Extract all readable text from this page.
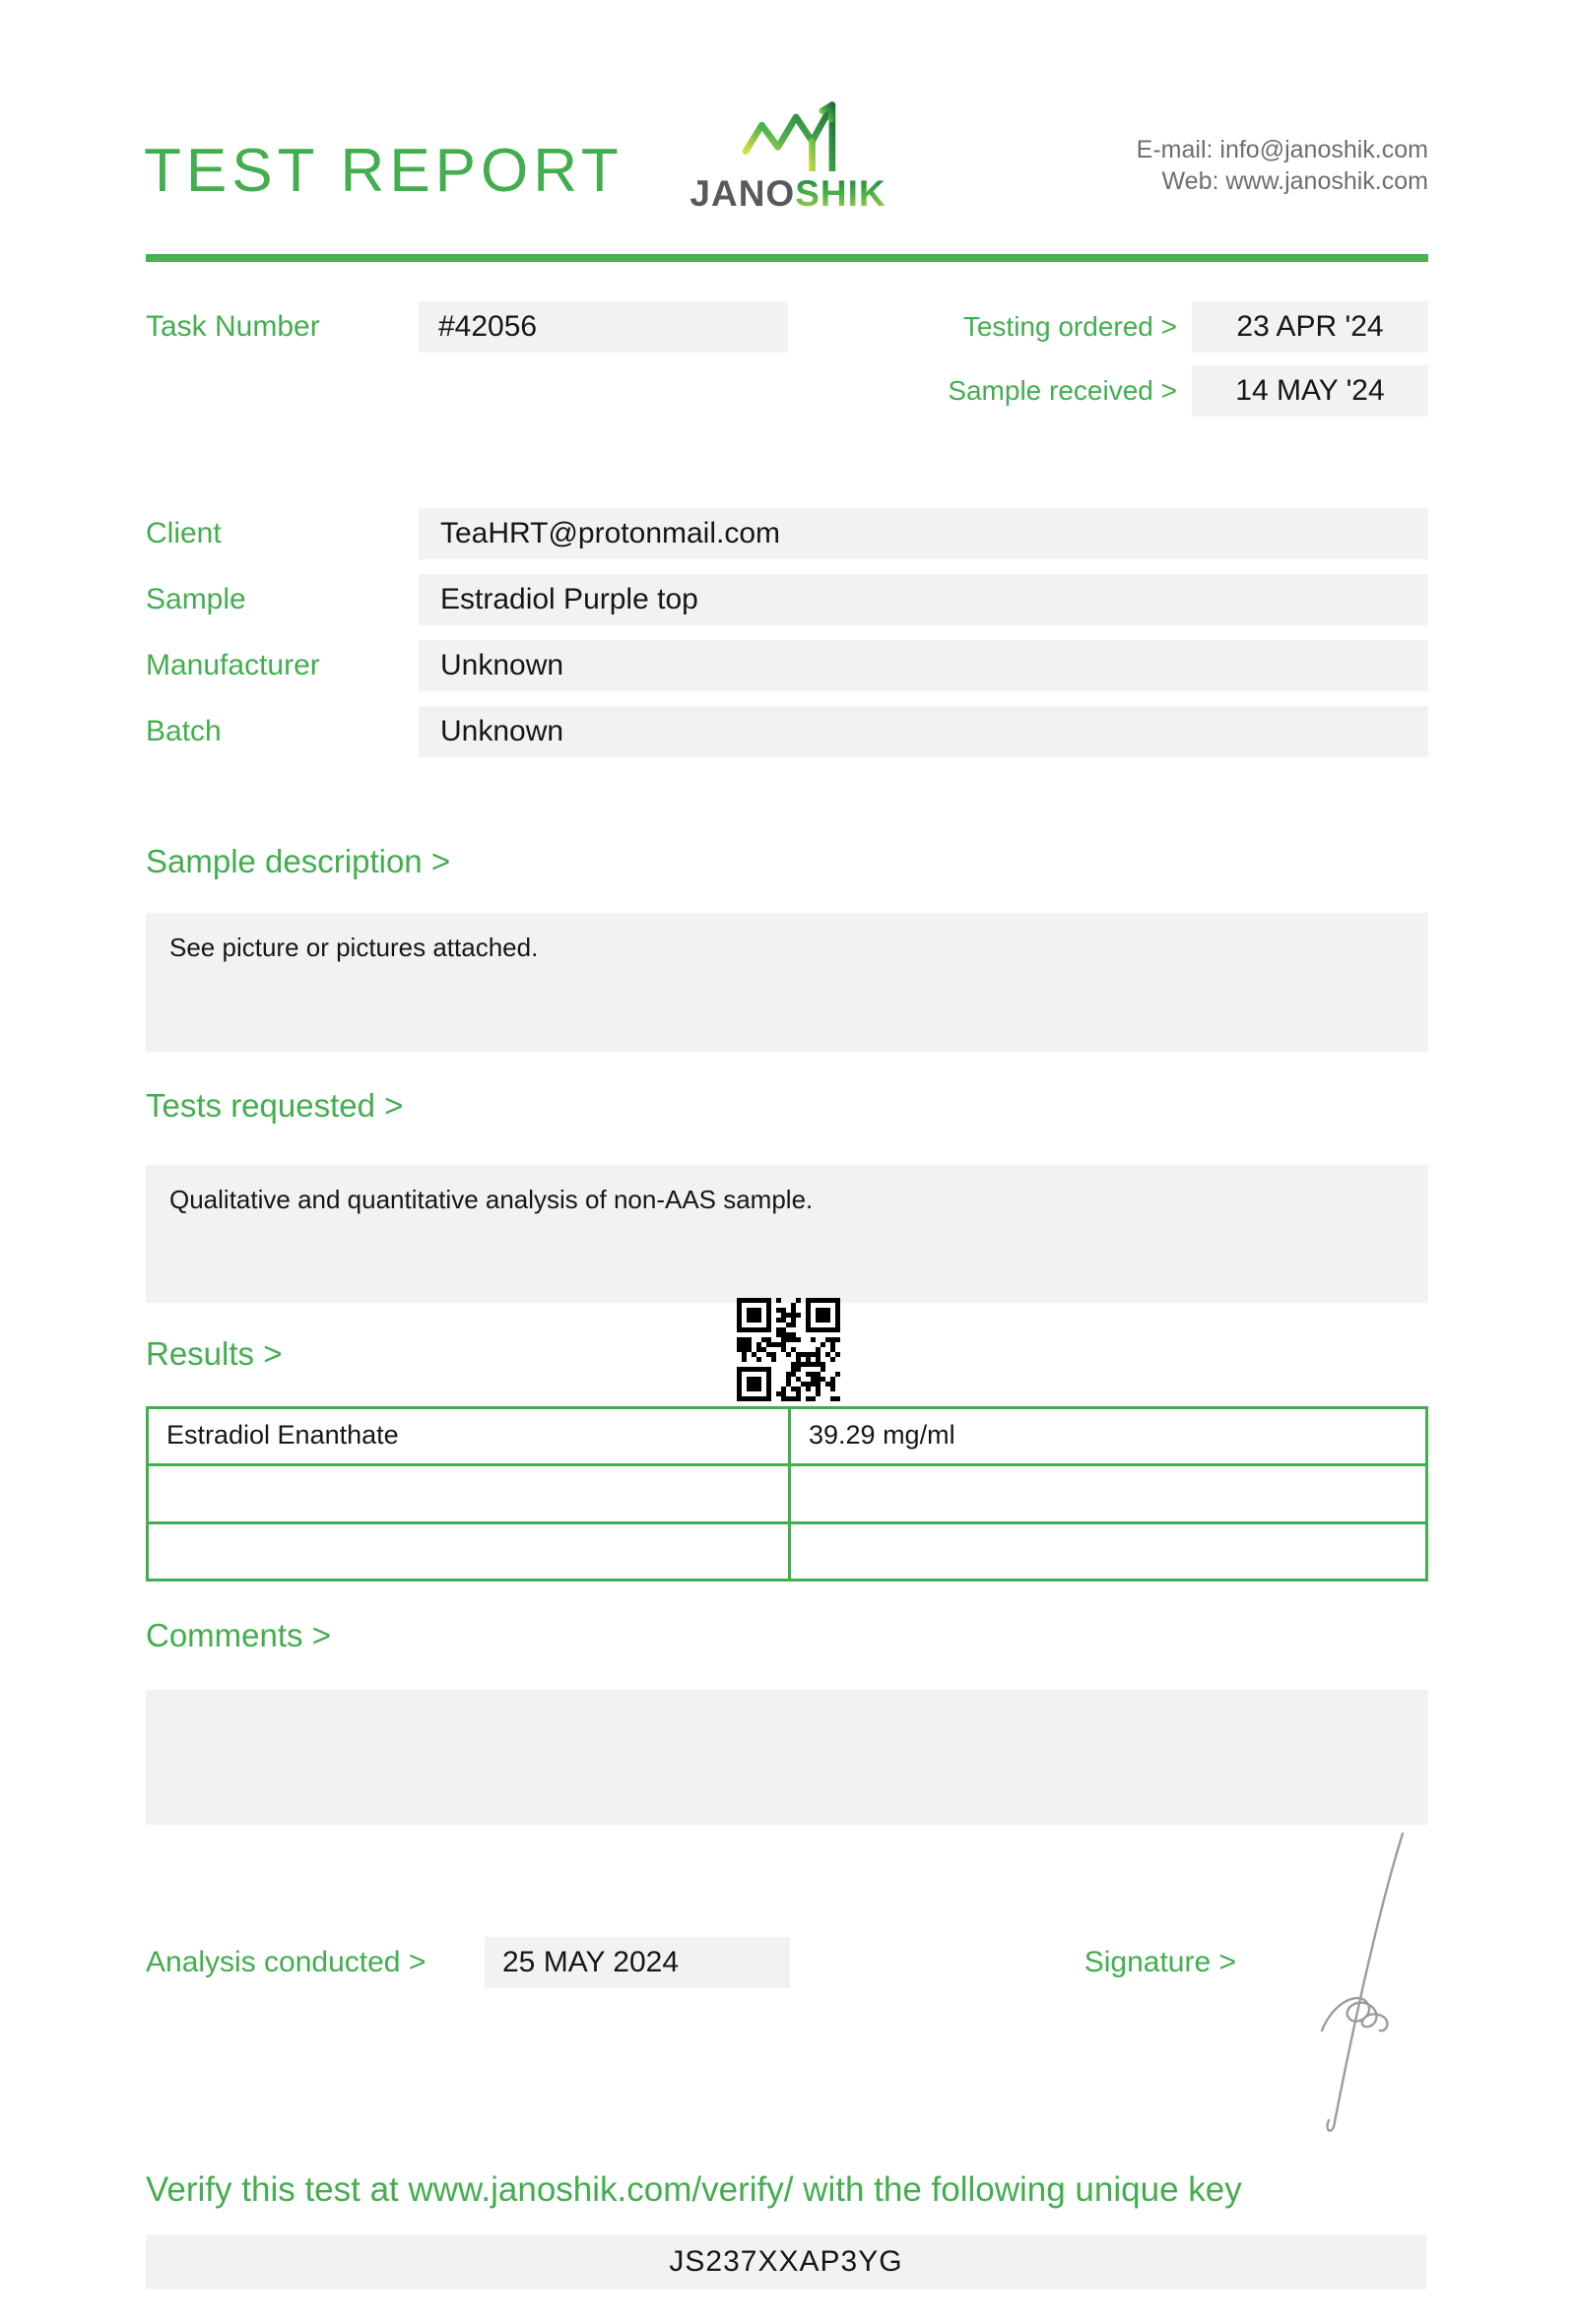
TEST REPORT	JANOSHIK
E-mail: info@janoshik.com
Web: www.janoshik.com
Task Number	#42056	Testing ordered >	23 APR '24
Sample received >	14 MAY '24
Client	TeaHRT@protonmail.com
Sample	Estradiol Purple top
Manufacturer	Unknown
Batch	Unknown
Sample description >
See picture or pictures attached.
Tests requested >
Qualitative and quantitative analysis of non-AAS sample.
Results >
Estradiol Enanthate	39.29 mg/ml
Comments >
Analysis conducted >	25 MAY 2024	Signature >
Verify this test at www.janoshik.com/verify/ with the following unique key
JS237XXAP3YG
